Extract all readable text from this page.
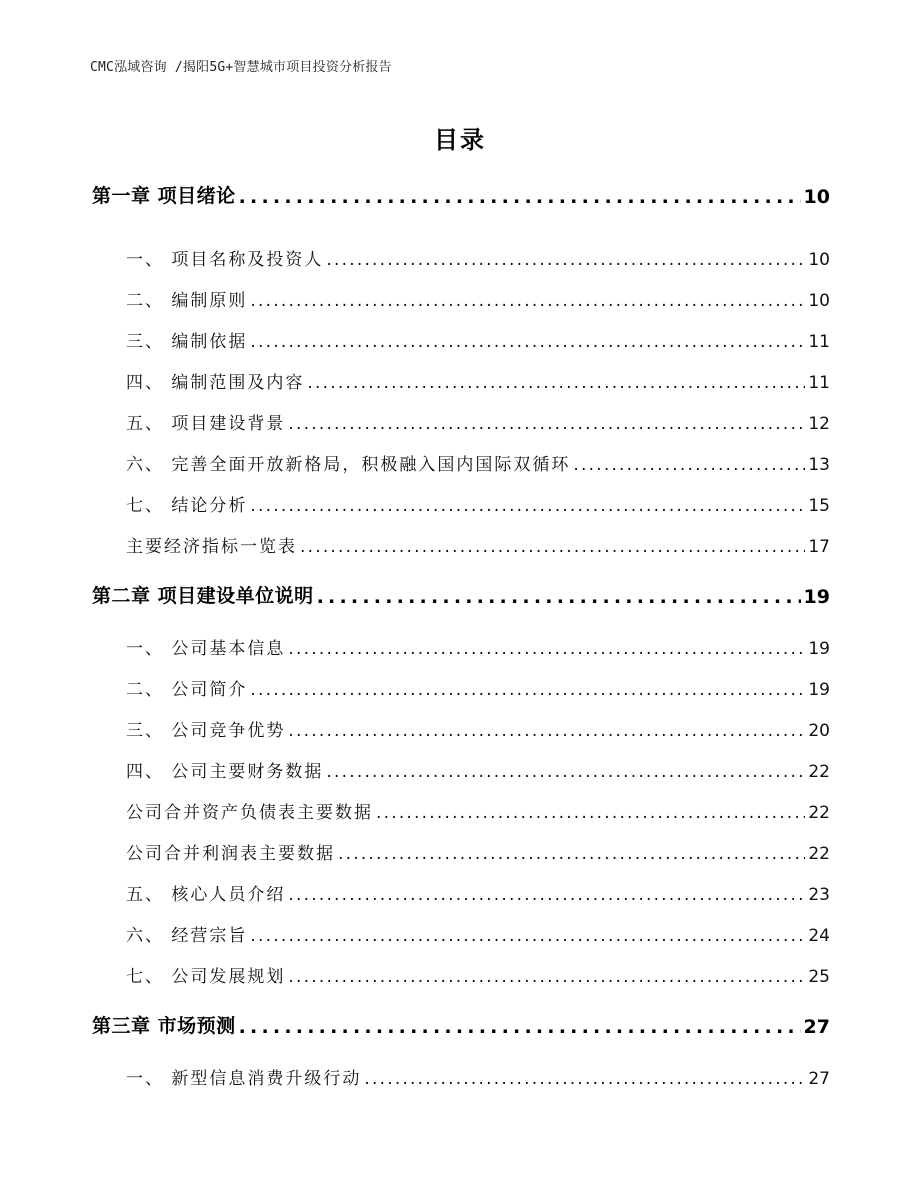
CMC泓域咨询 /揭阳5G+智慧城市项目投资分析报告
目录
第一章 项目绪论 . . .	10
一、 项目名称及投资人 . . .	10
二、 编制原则 . . .	10
三、 编制依据 . . .	11
四、 编制范围及内容 . . .	11
五、 项目建设背景 . . .	12
六、 完善全面开放新格局，积极融入国内国际双循环 . . .	13
七、 结论分析 . . .	15
主要经济指标一览表 . . .	17
第二章 项目建设单位说明 . . .	19
一、 公司基本信息 . . .	19
二、 公司简介 . . .	19
三、 公司竞争优势 . . .	20
四、 公司主要财务数据 . . .	22
公司合并资产负债表主要数据 . . .	22
公司合并利润表主要数据 . . .	22
五、 核心人员介绍 . . .	23
六、 经营宗旨 . . .	24
七、 公司发展规划 . . .	25
第三章 市场预测 . . .	27
一、 新型信息消费升级行动 . . .	27
